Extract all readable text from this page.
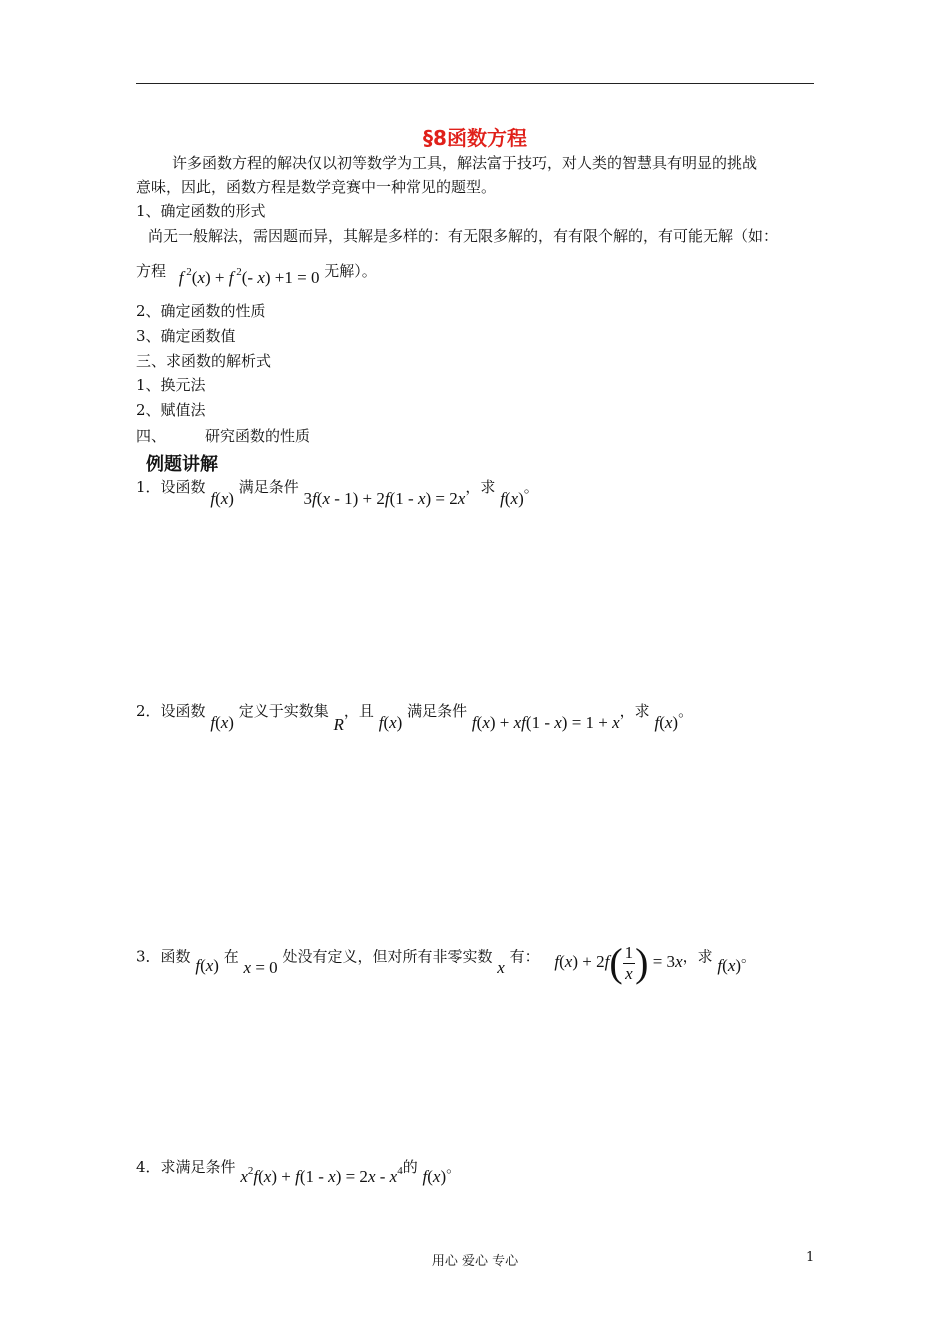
§8函数方程
许多函数方程的解决仅以初等数学为工具，解法富于技巧，对人类的智慧具有明显的挑战
意味，因此，函数方程是数学竞赛中一种常见的题型。
1、确定函数的形式
尚无一般解法，需因题而异，其解是多样的：有无限多解的，有有限个解的，有可能无解（如：
方程 f $^2$(x) + f $^2$(- x) +1 = 0 无解）。
2、确定函数的性质
3、确定函数值
三、求函数的解析式
1、换元法
2、赋值法
四、	研究函数的性质
例题讲解
1．设函数 f(x) 满足条件 3f(x - 1) + 2f(1 - x) = 2x，求 f(x)。
2．设函数 f(x) 定义于实数集 R，且 f(x) 满足条件 f(x) + xf(1 - x) = 1 + x，求 f(x)。
3．函数 f(x) 在 x = 0 处没有定义，但对所有非零实数 x 有： $f(x) + 2f( \frac{1}{x}$ ) = 3x，求 f(x)。
4．求满足条件 $x^2f(x) + f(1 - x) = 2x - x^4$的 f(x)。
用心 爱心 专心	1
